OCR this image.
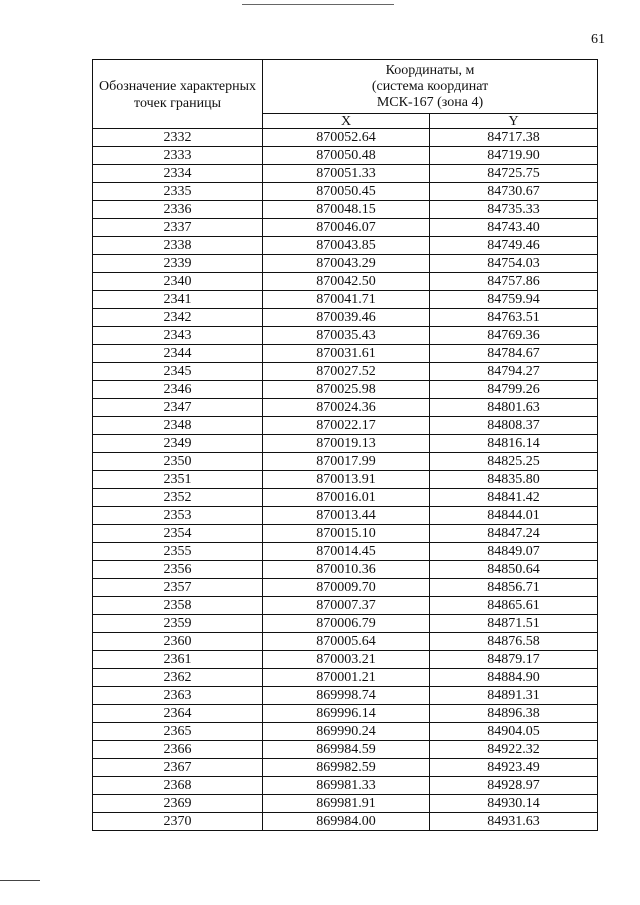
61
Обозначение характерных точек границы	Координаты, м
(система координат
МСК-167 (зона 4)	

	X	Y
2332	870052.64	84717.38
2333	870050.48	84719.90
2334	870051.33	84725.75
2335	870050.45	84730.67
2336	870048.15	84735.33
2337	870046.07	84743.40
2338	870043.85	84749.46
2339	870043.29	84754.03
2340	870042.50	84757.86
2341	870041.71	84759.94
2342	870039.46	84763.51
2343	870035.43	84769.36
2344	870031.61	84784.67
2345	870027.52	84794.27
2346	870025.98	84799.26
2347	870024.36	84801.63
2348	870022.17	84808.37
2349	870019.13	84816.14
2350	870017.99	84825.25
2351	870013.91	84835.80
2352	870016.01	84841.42
2353	870013.44	84844.01
2354	870015.10	84847.24
2355	870014.45	84849.07
2356	870010.36	84850.64
2357	870009.70	84856.71
2358	870007.37	84865.61
2359	870006.79	84871.51
2360	870005.64	84876.58
2361	870003.21	84879.17
2362	870001.21	84884.90
2363	869998.74	84891.31
2364	869996.14	84896.38
2365	869990.24	84904.05
2366	869984.59	84922.32
2367	869982.59	84923.49
2368	869981.33	84928.97
2369	869981.91	84930.14
2370	869984.00	84931.63
